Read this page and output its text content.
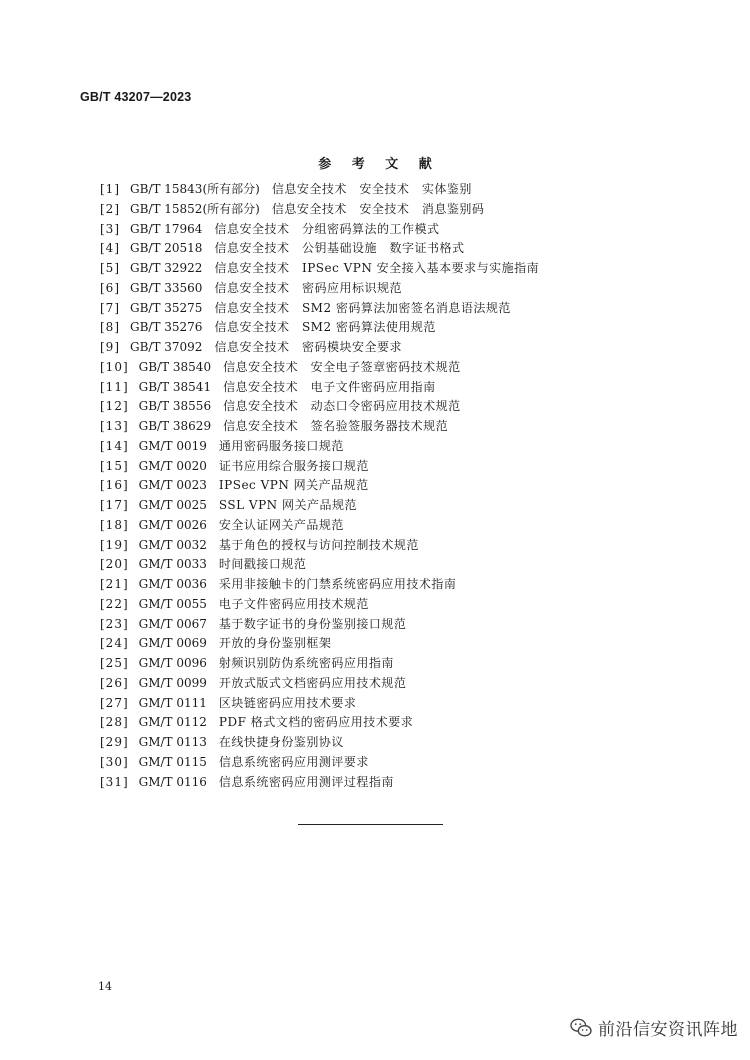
GB/T 43207—2023
参 考 文 献
[1] GB/T 15843(所有部分) 信息安全技术　安全技术　实体鉴别
[2] GB/T 15852(所有部分) 信息安全技术　安全技术　消息鉴别码
[3] GB/T 17964 信息安全技术　分组密码算法的工作模式
[4] GB/T 20518 信息安全技术　公钥基础设施　数字证书格式
[5] GB/T 32922 信息安全技术　IPSec VPN 安全接入基本要求与实施指南
[6] GB/T 33560 信息安全技术　密码应用标识规范
[7] GB/T 35275 信息安全技术　SM2 密码算法加密签名消息语法规范
[8] GB/T 35276 信息安全技术　SM2 密码算法使用规范
[9] GB/T 37092 信息安全技术　密码模块安全要求
[10] GB/T 38540 信息安全技术　安全电子签章密码技术规范
[11] GB/T 38541 信息安全技术　电子文件密码应用指南
[12] GB/T 38556 信息安全技术　动态口令密码应用技术规范
[13] GB/T 38629 信息安全技术　签名验签服务器技术规范
[14] GM/T 0019 通用密码服务接口规范
[15] GM/T 0020 证书应用综合服务接口规范
[16] GM/T 0023 IPSec VPN 网关产品规范
[17] GM/T 0025 SSL VPN 网关产品规范
[18] GM/T 0026 安全认证网关产品规范
[19] GM/T 0032 基于角色的授权与访问控制技术规范
[20] GM/T 0033 时间戳接口规范
[21] GM/T 0036 采用非接触卡的门禁系统密码应用技术指南
[22] GM/T 0055 电子文件密码应用技术规范
[23] GM/T 0067 基于数字证书的身份鉴别接口规范
[24] GM/T 0069 开放的身份鉴别框架
[25] GM/T 0096 射频识别防伪系统密码应用指南
[26] GM/T 0099 开放式版式文档密码应用技术规范
[27] GM/T 0111 区块链密码应用技术要求
[28] GM/T 0112 PDF 格式文档的密码应用技术要求
[29] GM/T 0113 在线快捷身份鉴别协议
[30] GM/T 0115 信息系统密码应用测评要求
[31] GM/T 0116 信息系统密码应用测评过程指南
14
前沿信安资讯阵地
